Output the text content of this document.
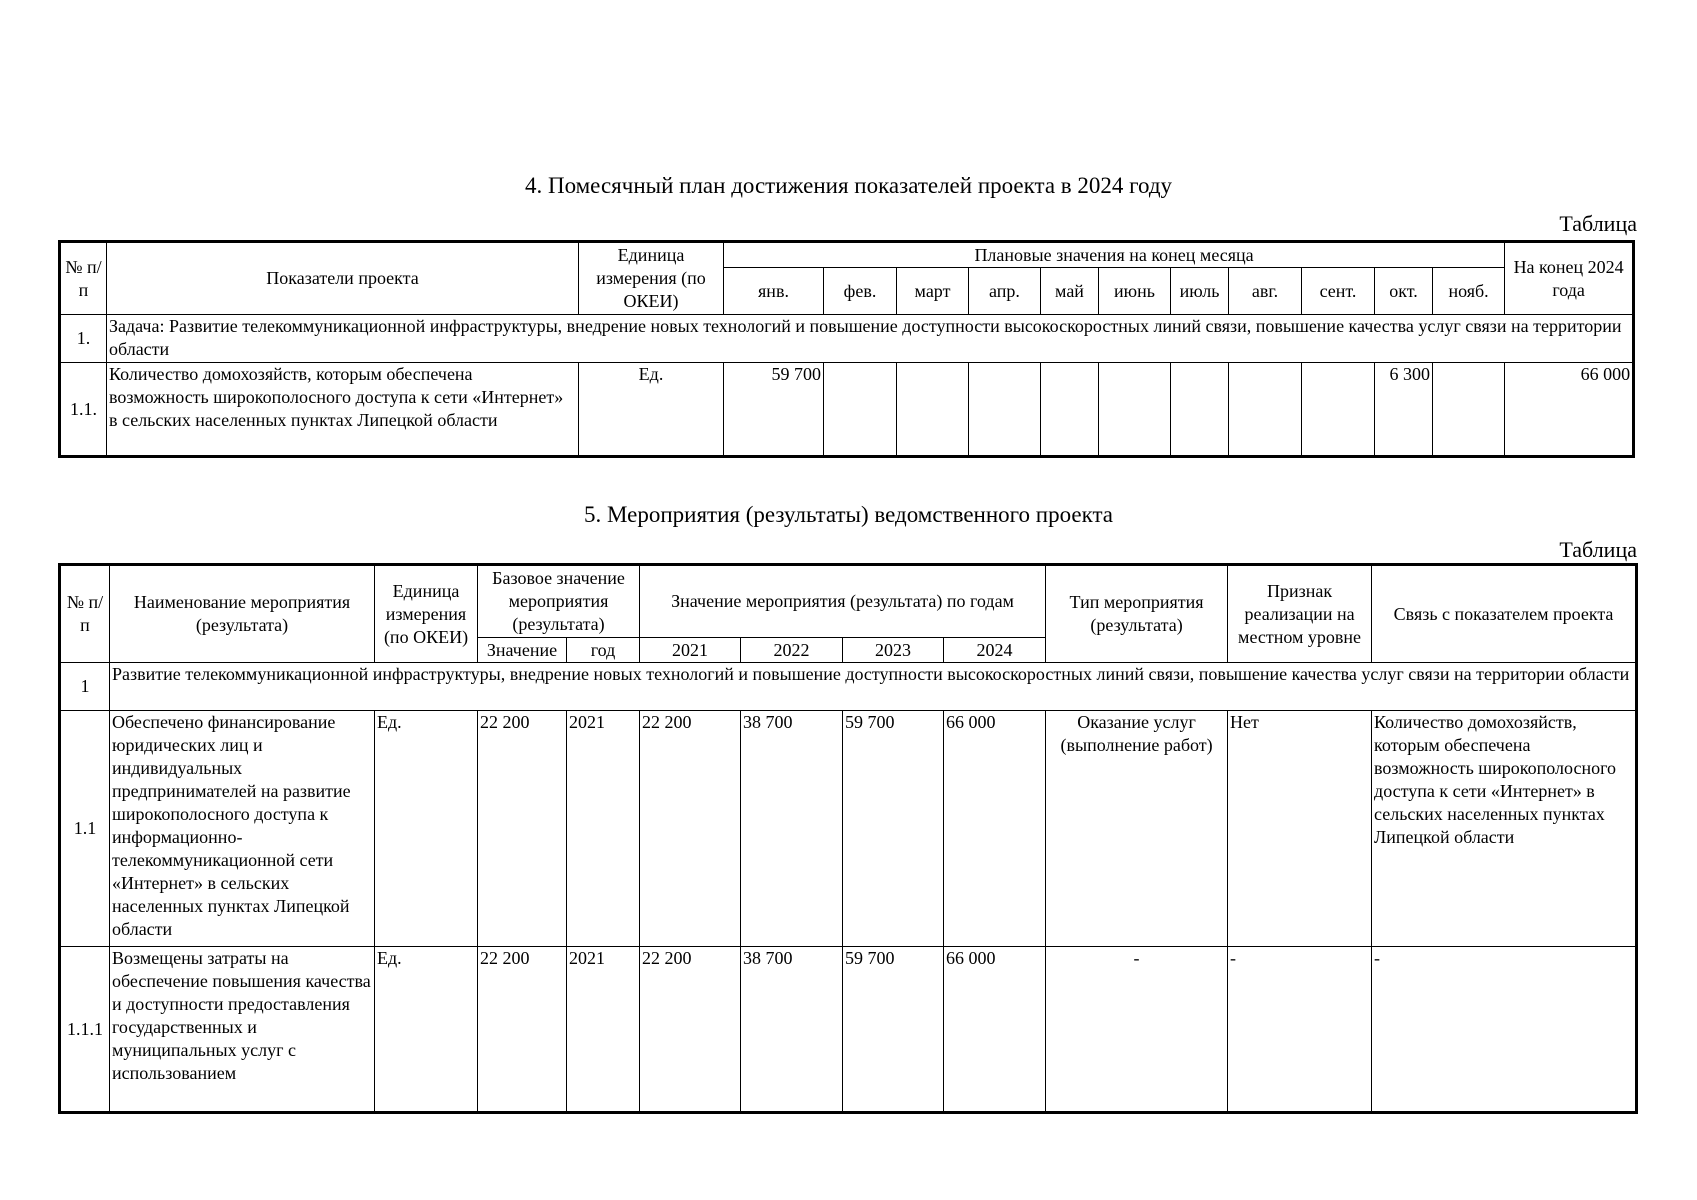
4. Помесячный план достижения показателей проекта в 2024 году
Таблица
№ п/п	Показатели проекта	Единица измерения (по ОКЕИ)	Плановые значения на конец месяца											На конец 2024 года
			янв.	фев.	март	апр.	май	июнь	июль	авг.	сент.	окт.	нояб.	
1.	Задача: Развитие телекоммуникационной инфраструктуры, внедрение новых технологий и повышение доступности высокоскоростных линий связи, повышение качества услуг связи на территории области													
1.1.	Количество домохозяйств, которым обеспечена возможность широкополосного доступа к сети «Интернет» в сельских населенных пунктах Липецкой области	Ед.	59 700									6 300		66 000
5. Мероприятия (результаты) ведомственного проекта
Таблица
№ п/п	Наименование мероприятия (результата)	Единица измерения (по ОКЕИ)	Базовое значение мероприятия (результата)		Значение мероприятия (результата) по годам				Тип мероприятия (результата)	Признак реализации на местном уровне	Связь с показателем проекта
			Значение	год	2021	2022	2023	2024			
1	Развитие телекоммуникационной инфраструктуры, внедрение новых технологий и повышение доступности высокоскоростных линий связи, повышение качества услуг связи на территории области										
1.1	Обеспечено финансирование юридических лиц и индивидуальных предпринимателей на развитие широкополосного доступа к информационно-телекоммуникационной сети «Интернет» в сельских населенных пунктах Липецкой области	Ед.	22 200	2021	22 200	38 700	59 700	66 000	Оказание услуг (выполнение работ)	Нет	Количество домохозяйств, которым обеспечена возможность широкополосного доступа к сети «Интернет» в сельских населенных пунктах Липецкой области
1.1.1	Возмещены затраты на обеспечение повышения качества и доступности предоставления государственных и муниципальных услуг с использованием	Ед.	22 200	2021	22 200	38 700	59 700	66 000	-	-	-
